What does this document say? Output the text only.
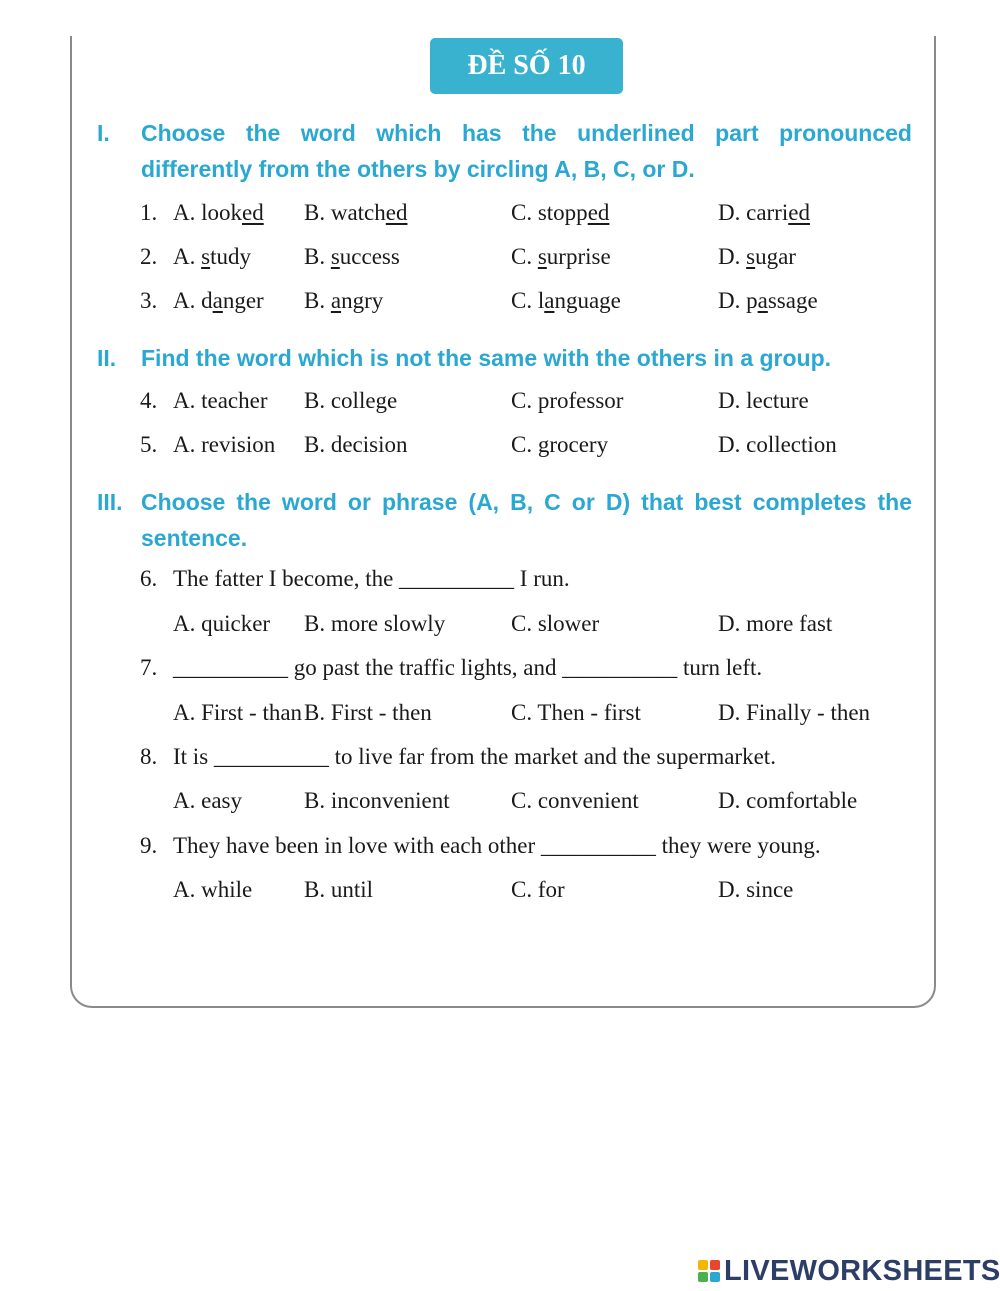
ĐỀ SỐ 10
I. Choose the word which has the underlined part pronounced differently from the others by circling A, B, C, or D.
1. A. looked B. watched	C. stopped	D. carried
2. A. study B. success	C. surprise	D. sugar
3. A. danger B. angry	C. language	D. passage
II. Find the word which is not the same with the others in a group.
4. A. teacher B. college	C. professor	D. lecture
5. A. revision B. decision	C. grocery	D. collection
III. Choose the word or phrase (A, B, C or D) that best completes the sentence.
6. The fatter I become, the __________ I run.
A. quicker B. more slowly	C. slower	D. more fast
7. __________ go past the traffic lights, and __________ turn left.
A. First - than B. First - then	C. Then - first	D. Finally - then
8. It is __________ to live far from the market and the supermarket.
A. easy	B. inconvenient	C. convenient	D. comfortable
9. They have been in love with each other __________ they were young.
A. while B. until	C. for	D. since
LIVEWORKSHEETS
